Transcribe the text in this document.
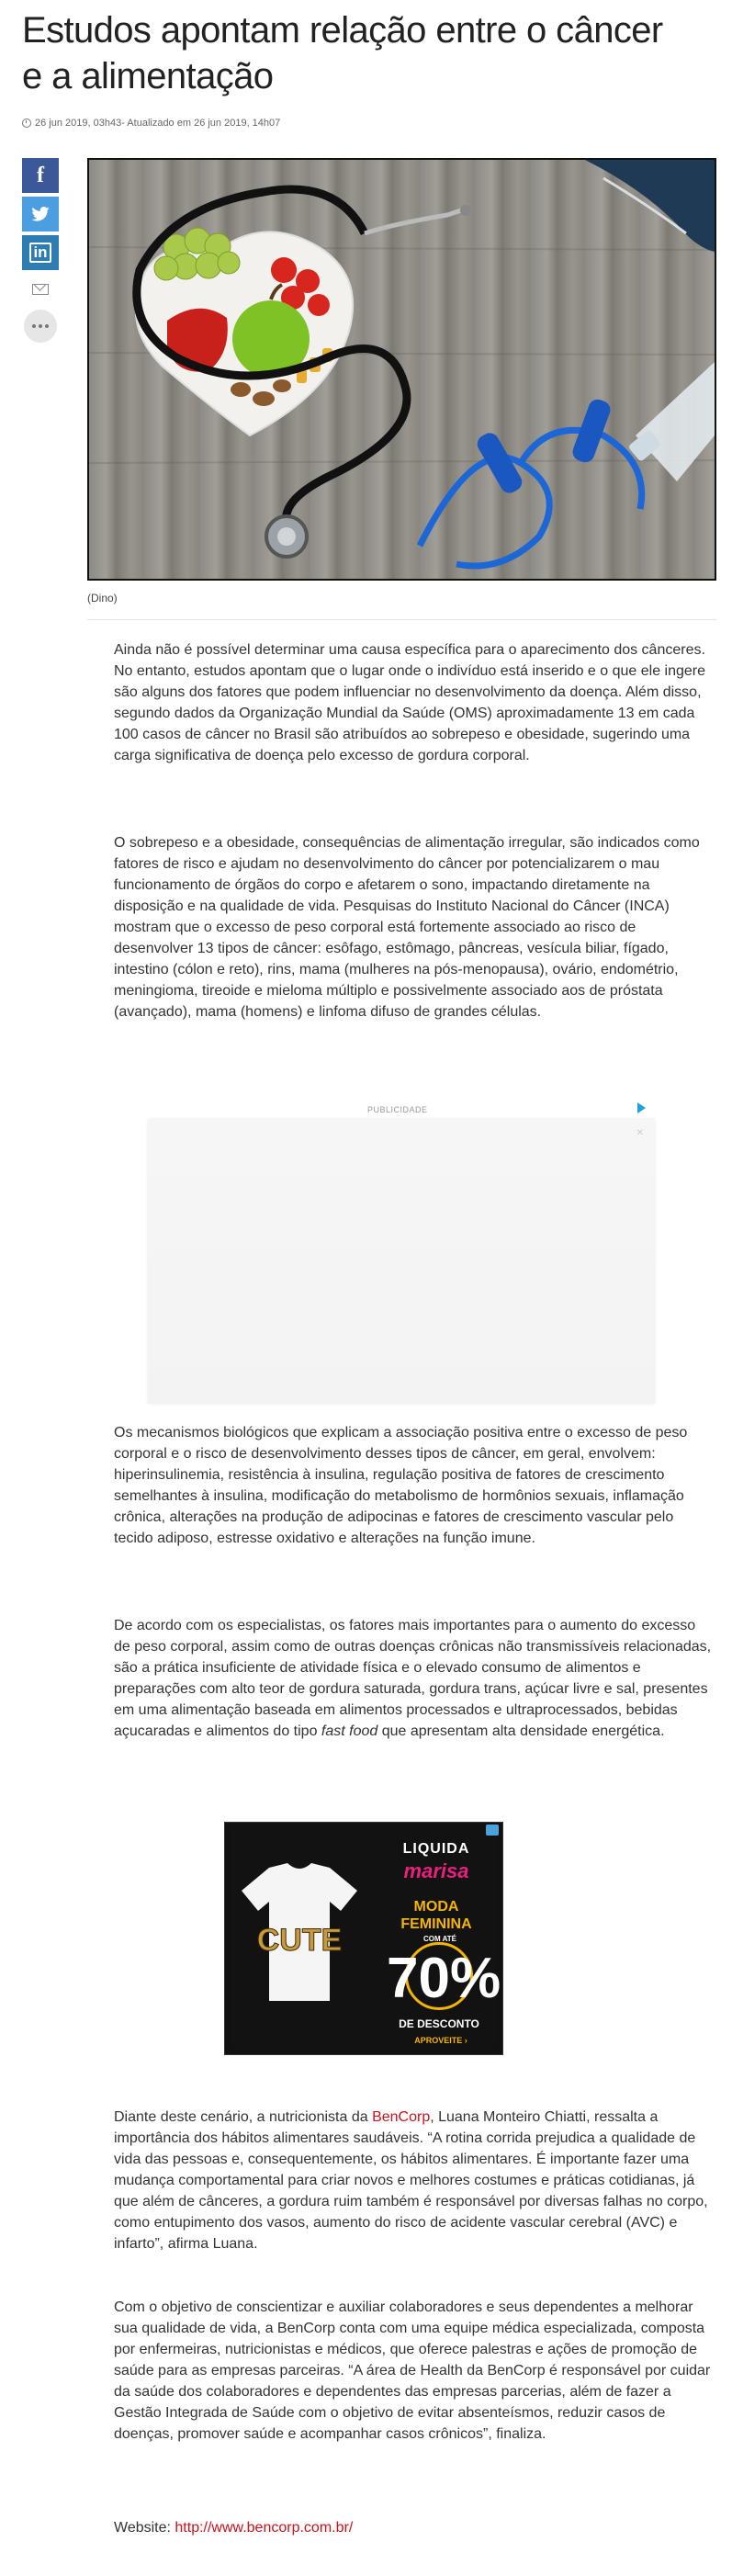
Estudos apontam relação entre o câncer e a alimentação
26 jun 2019, 03h43- Atualizado em 26 jun 2019, 14h07
f
in
(Dino)

Ainda não é possível determinar uma causa específica para o aparecimento dos cânceres. No entanto, estudos apontam que o lugar onde o indivíduo está inserido e o que ele ingere são alguns dos fatores que podem influenciar no desenvolvimento da doença. Além disso, segundo dados da Organização Mundial da Saúde (OMS) aproximadamente 13 em cada 100 casos de câncer no Brasil são atribuídos ao sobrepeso e obesidade, sugerindo uma carga significativa de doença pelo excesso de gordura corporal.

O sobrepeso e a obesidade, consequências de alimentação irregular, são indicados como fatores de risco e ajudam no desenvolvimento do câncer por potencializarem o mau funcionamento de órgãos do corpo e afetarem o sono, impactando diretamente na disposição e na qualidade de vida. Pesquisas do Instituto Nacional do Câncer (INCA) mostram que o excesso de peso corporal está fortemente associado ao risco de desenvolver 13 tipos de câncer: esôfago, estômago, pâncreas, vesícula biliar, fígado, intestino (cólon e reto), rins, mama (mulheres na pós-menopausa), ovário, endométrio, meningioma, tireoide e mieloma múltiplo e possivelmente associado aos de próstata (avançado), mama (homens) e linfoma difuso de grandes células.

PUBLICIDADE
✕

Os mecanismos biológicos que explicam a associação positiva entre o excesso de peso corporal e o risco de desenvolvimento desses tipos de câncer, em geral, envolvem: hiperinsulinemia, resistência à insulina, regulação positiva de fatores de crescimento semelhantes à insulina, modificação do metabolismo de hormônios sexuais, inflamação crônica, alterações na produção de adipocinas e fatores de crescimento vascular pelo tecido adiposo, estresse oxidativo e alterações na função imune.

De acordo com os especialistas, os fatores mais importantes para o aumento do excesso de peso corporal, assim como de outras doenças crônicas não transmissíveis relacionadas, são a prática insuficiente de atividade física e o elevado consumo de alimentos e preparações com alto teor de gordura saturada, gordura trans, açúcar livre e sal, presentes em uma alimentação baseada em alimentos processados e ultraprocessados, bebidas açucaradas e alimentos do tipo fast food que apresentam alta densidade energética.

CUTE
LIQUIDA
marisa
MODA
FEMININA
COM ATÉ
70%
DE DESCONTO
APROVEITE ›

Diante deste cenário, a nutricionista da BenCorp, Luana Monteiro Chiatti, ressalta a importância dos hábitos alimentares saudáveis. “A rotina corrida prejudica a qualidade de vida das pessoas e, consequentemente, os hábitos alimentares. É importante fazer uma mudança comportamental para criar novos e melhores costumes e práticas cotidianas, já que além de cânceres, a gordura ruim também é responsável por diversas falhas no corpo, como entupimento dos vasos, aumento do risco de acidente vascular cerebral (AVC) e infarto”, afirma Luana.

Com o objetivo de conscientizar e auxiliar colaboradores e seus dependentes a melhorar sua qualidade de vida, a BenCorp conta com uma equipe médica especializada, composta por enfermeiras, nutricionistas e médicos, que oferece palestras e ações de promoção de saúde para as empresas parceiras. “A área de Health da BenCorp é responsável por cuidar da saúde dos colaboradores e dependentes das empresas parcerias, além de fazer a Gestão Integrada de Saúde com o objetivo de evitar absenteísmos, reduzir casos de doenças, promover saúde e acompanhar casos crônicos”, finaliza.

Website: http://www.bencorp.com.br/
